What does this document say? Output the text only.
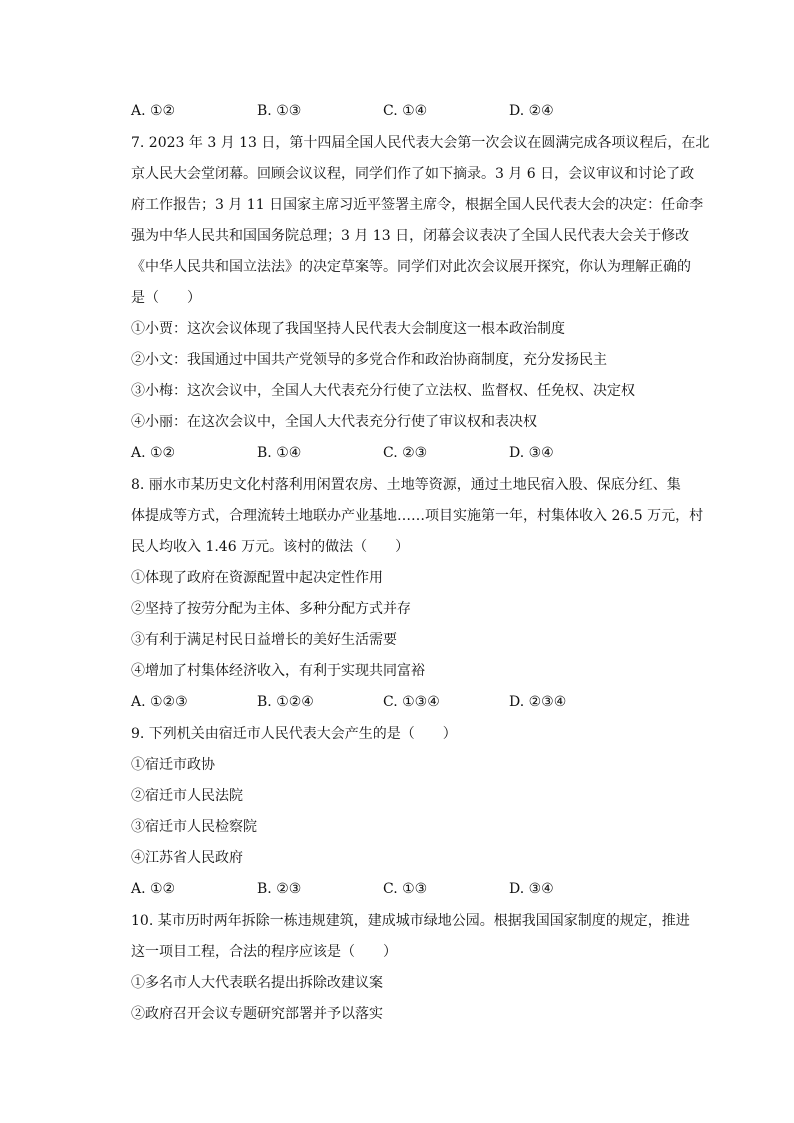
A. ①②	B. ①③	C. ①④	D. ②④
7. 2023 年 3 月 13 日，第十四届全国人民代表大会第一次会议在圆满完成各项议程后，在北
京人民大会堂闭幕。回顾会议议程，同学们作了如下摘录。3 月 6 日，会议审议和讨论了政
府工作报告；3 月 11 日国家主席习近平签署主席令，根据全国人民代表大会的决定：任命李
强为中华人民共和国国务院总理；3 月 13 日，闭幕会议表决了全国人民代表大会关于修改
《中华人民共和国立法法》的决定草案等。同学们对此次会议展开探究，你认为理解正确的
是（　　）
①小贾：这次会议体现了我国坚持人民代表大会制度这一根本政治制度
②小文：我国通过中国共产党领导的多党合作和政治协商制度，充分发扬民主
③小梅：这次会议中，全国人大代表充分行使了立法权、监督权、任免权、决定权
④小丽：在这次会议中，全国人大代表充分行使了审议权和表决权
A. ①②	B. ①④	C. ②③	D. ③④
8. 丽水市某历史文化村落利用闲置农房、土地等资源，通过土地民宿入股、保底分红、集
体提成等方式，合理流转土地联办产业基地……项目实施第一年，村集体收入 26.5 万元，村
民人均收入 1.46 万元。该村的做法（　　）
①体现了政府在资源配置中起决定性作用
②坚持了按劳分配为主体、多种分配方式并存
③有利于满足村民日益增长的美好生活需要
④增加了村集体经济收入，有利于实现共同富裕
A. ①②③	B. ①②④	C. ①③④	D. ②③④
9. 下列机关由宿迁市人民代表大会产生的是（　　）
①宿迁市政协
②宿迁市人民法院
③宿迁市人民检察院
④江苏省人民政府
A. ①②	B. ②③	C. ①③	D. ③④
10. 某市历时两年拆除一栋违规建筑，建成城市绿地公园。根据我国国家制度的规定，推进
这一项目工程，合法的程序应该是（　　）
①多名市人大代表联名提出拆除改建议案
②政府召开会议专题研究部署并予以落实
